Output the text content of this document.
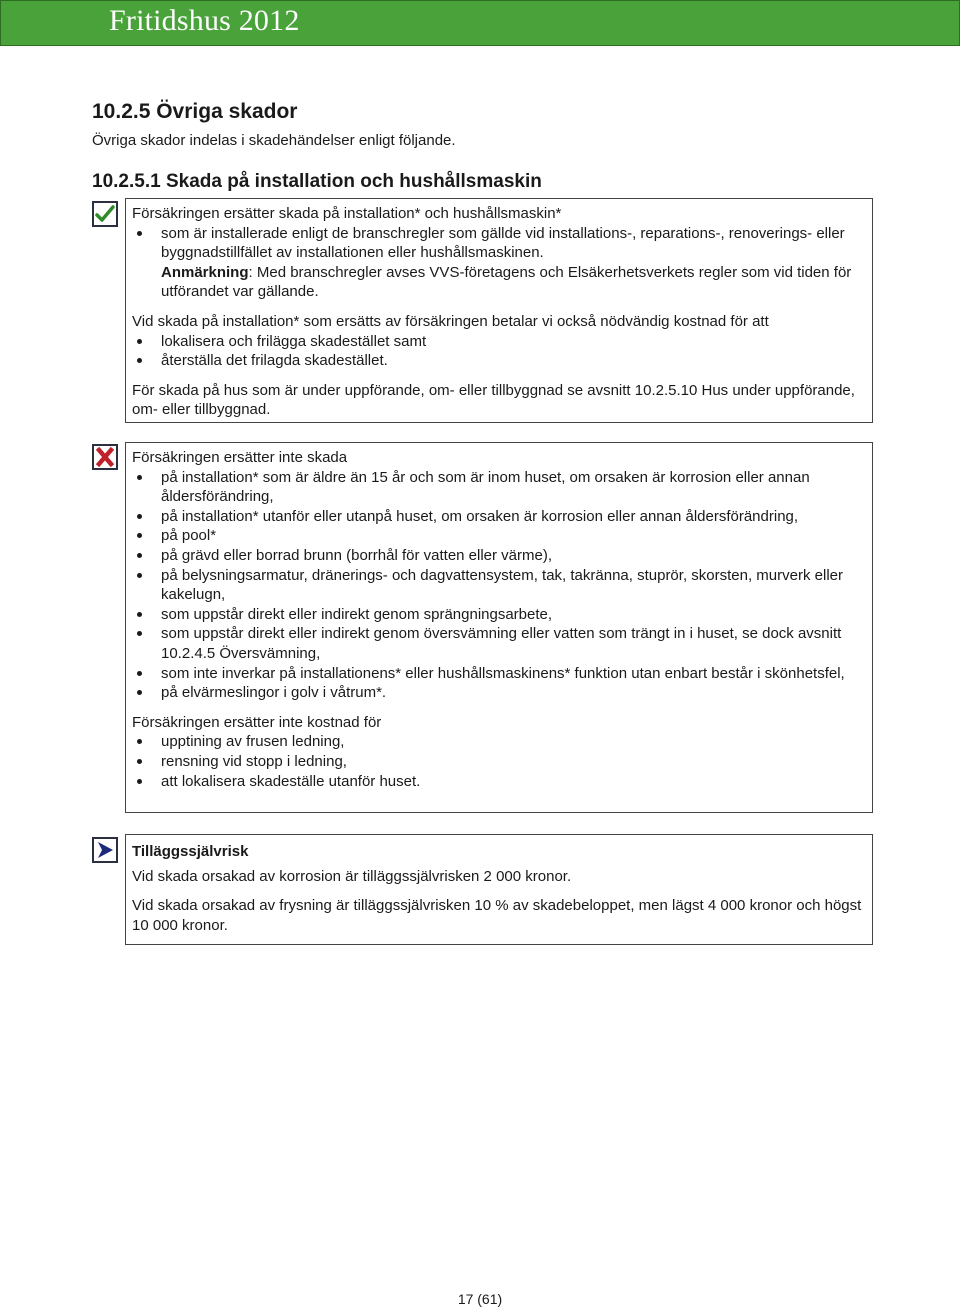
Fritidshus 2012
10.2.5 Övriga skador

Övriga skador indelas i skadehändelser enligt följande.

10.2.5.1 Skada på installation och hushållsmaskin

Försäkringen ersätter skada på installation* och hushållsmaskin*

som är installerade enligt de branschregler som gällde vid installations-, reparations-, renoverings- eller byggnadstillfället av installationen eller hushållsmaskinen.

Anmärkning: Med branschregler avses VVS-företagens och Elsäkerhetsverkets regler som vid tiden för utförandet var gällande.

Vid skada på installation* som ersätts av försäkringen betalar vi också nödvändig kostnad för att

lokalisera och frilägga skadestället samt
återställa det frilagda skadestället.

För skada på hus som är under uppförande, om- eller tillbyggnad se avsnitt 10.2.5.10 Hus under uppförande, om- eller tillbyggnad.

Försäkringen ersätter inte skada

på installation* som är äldre än 15 år och som är inom huset, om orsaken är korrosion eller annan åldersförändring,
på installation* utanför eller utanpå huset, om orsaken är korrosion eller annan åldersförändring,
på pool*
på grävd eller borrad brunn (borrhål för vatten eller värme),
på belysningsarmatur, dränerings- och dagvattensystem, tak, takränna, stuprör, skorsten, murverk eller kakelugn,
som uppstår direkt eller indirekt genom sprängningsarbete,
som uppstår direkt eller indirekt genom översvämning eller vatten som trängt in i huset, se dock avsnitt 10.2.4.5 Översvämning,
som inte inverkar på installationens* eller hushållsmaskinens* funktion utan enbart består i skönhetsfel,
på elvärmeslingor i golv i våtrum*.

Försäkringen ersätter inte kostnad för

upptining av frusen ledning,
rensning vid stopp i ledning,
att lokalisera skadeställe utanför huset.

Tilläggssjälvrisk

Vid skada orsakad av korrosion är tilläggssjälvrisken 2 000 kronor.

Vid skada orsakad av frysning är tilläggssjälvrisken 10 % av skadebeloppet, men lägst 4 000 kronor och högst 10 000 kronor.

17 (61)
